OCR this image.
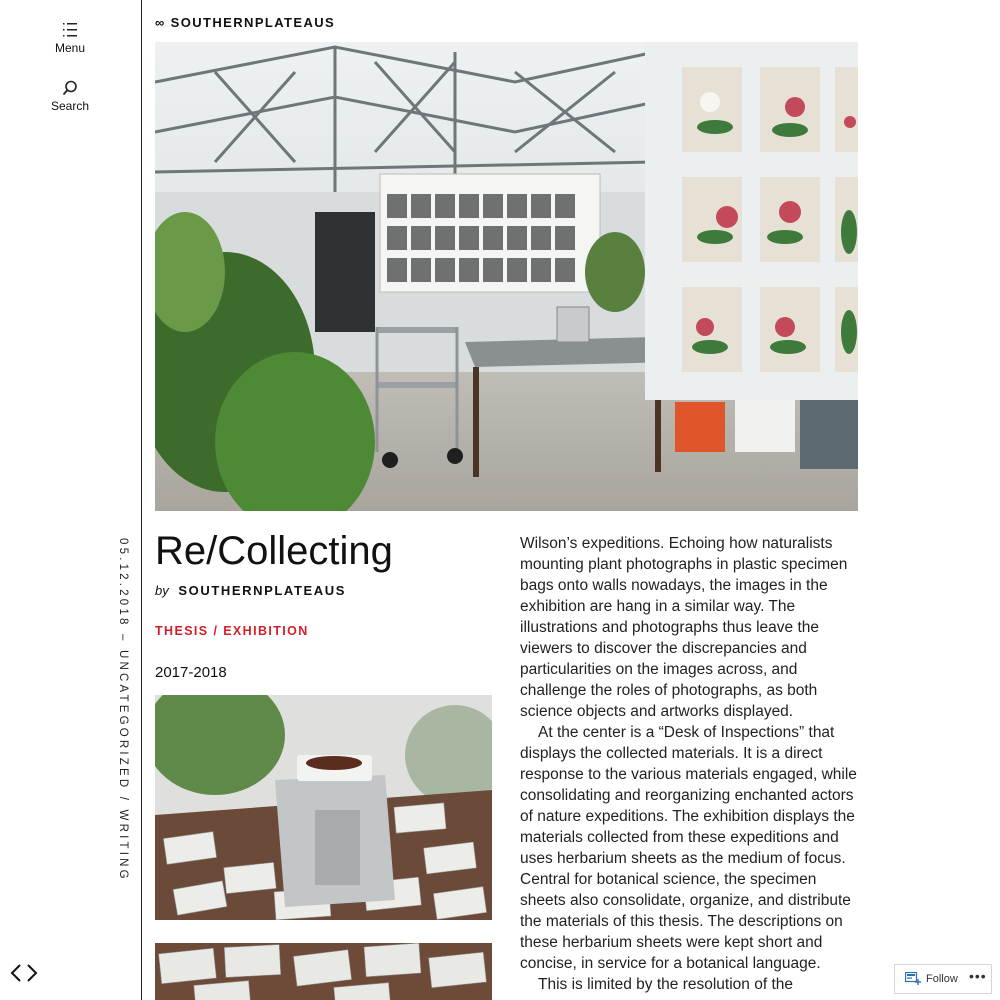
Menu
Search
05.12.2018 – UNCATEGORIZED / WRITING

∞ SOUTHERNPLATEAUS
Re/Collecting
by SOUTHERNPLATEAUS
THESIS / EXHIBITION
2017-2018

Wilson’s expeditions. Echoing how naturalists mounting plant photographs in plastic specimen bags onto walls nowadays, the images in the exhibition are hang in a similar way. The illustrations and photographs thus leave the viewers to discover the discrepancies and particularities on the images across, and challenge the roles of photographs, as both science objects and artworks displayed.

At the center is a “Desk of Inspections” that displays the collected materials. It is a direct response to the various materials engaged, while consolidating and reorganizing enchanted actors of nature expeditions. The exhibition displays the materials collected from these expeditions and uses herbarium sheets as the medium of focus. Central for botanical science, the specimen sheets also consolidate, organize, and distribute the materials of this thesis. The descriptions on these herbarium sheets were kept short and concise, in service for a botanical language.

This is limited by the resolution of the	Follow •••
